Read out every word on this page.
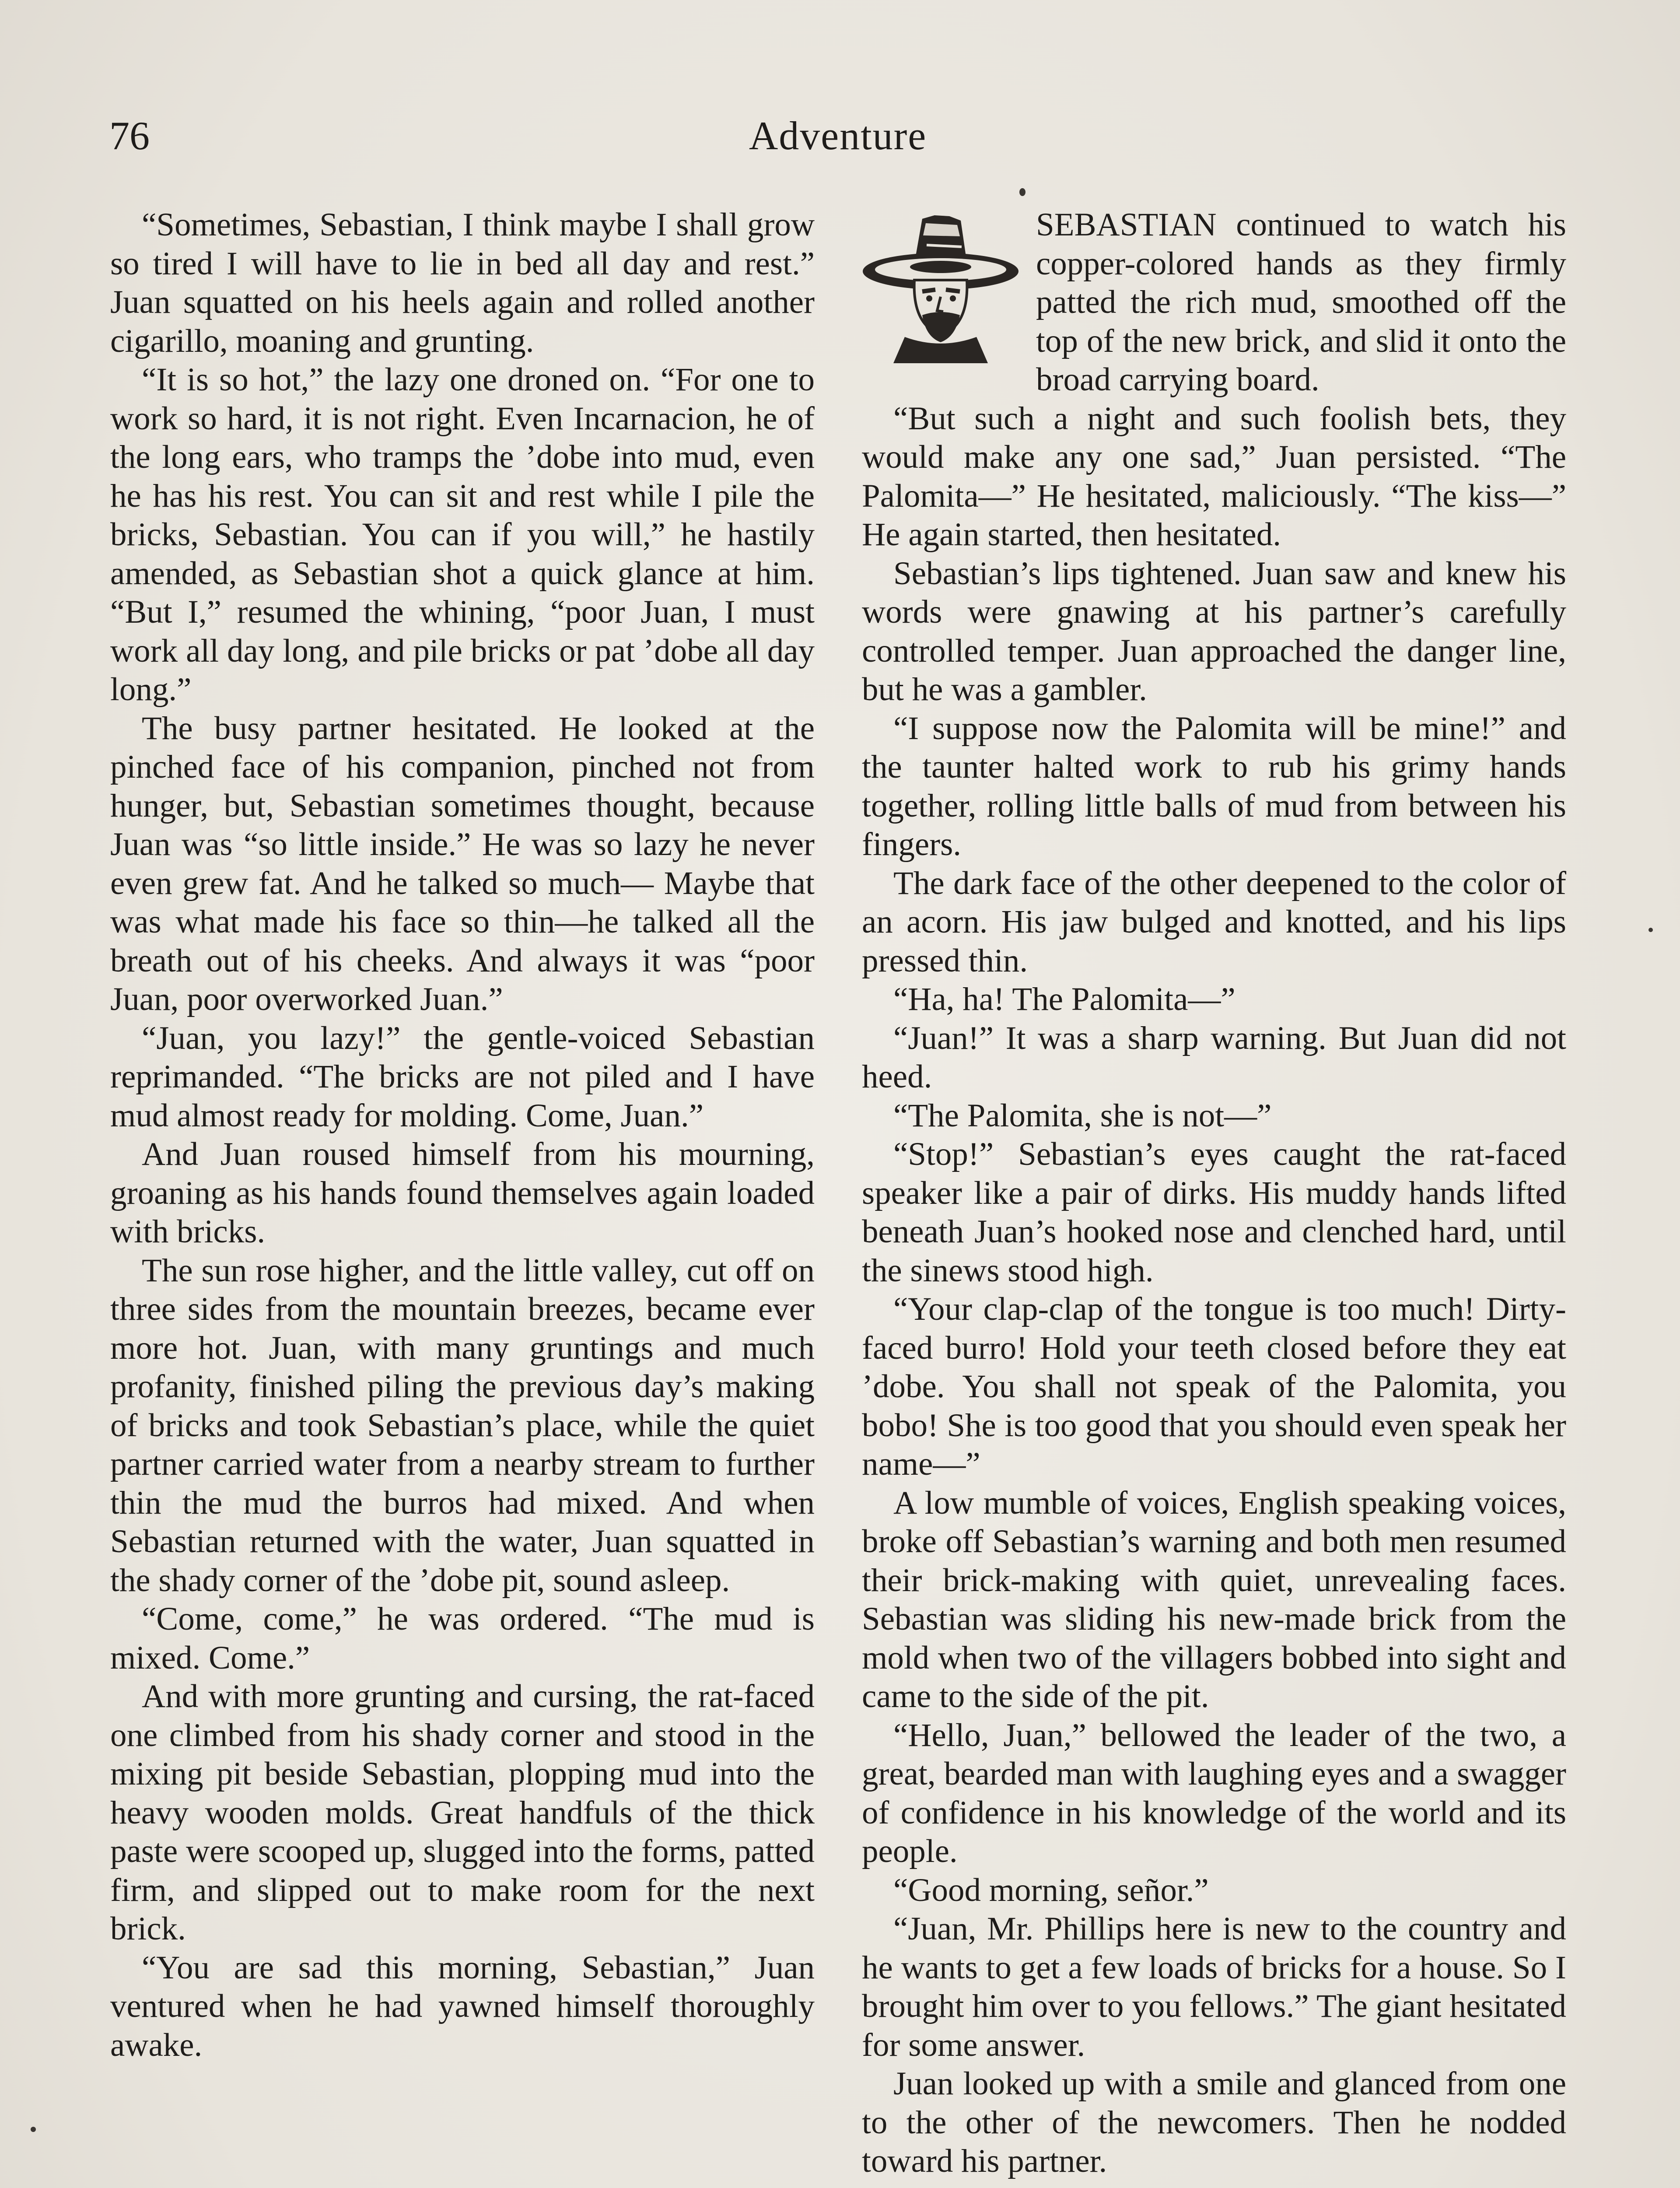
76	Adventure

“Sometimes, Sebastian, I think maybe I shall grow so tired I will have to lie in bed all day and rest.” Juan squatted on his heels again and rolled another cigarillo, moaning and grunting.

“It is so hot,” the lazy one droned on. “For one to work so hard, it is not right. Even Incarnacion, he of the long ears, who tramps the ’dobe into mud, even he has his rest. You can sit and rest while I pile the bricks, Sebastian. You can if you will,” he hastily amended, as Sebastian shot a quick glance at him. “But I,” resumed the whining, “poor Juan, I must work all day long, and pile bricks or pat ’dobe all day long.”

The busy partner hesitated. He looked at the pinched face of his companion, pinched not from hunger, but, Sebastian sometimes thought, because Juan was “so little inside.” He was so lazy he never even grew fat. And he talked so much— Maybe that was what made his face so thin—he talked all the breath out of his cheeks. And always it was “poor Juan, poor overworked Juan.”

“Juan, you lazy!” the gentle-voiced Sebastian reprimanded. “The bricks are not piled and I have mud almost ready for molding. Come, Juan.”

And Juan roused himself from his mourning, groaning as his hands found themselves again loaded with bricks.

The sun rose higher, and the little valley, cut off on three sides from the mountain breezes, became ever more hot. Juan, with many gruntings and much profanity, finished piling the previous day’s making of bricks and took Sebastian’s place, while the quiet partner carried water from a nearby stream to further thin the mud the burros had mixed. And when Sebastian returned with the water, Juan squatted in the shady corner of the ’dobe pit, sound asleep.

“Come, come,” he was ordered. “The mud is mixed. Come.”

And with more grunting and cursing, the rat-faced one climbed from his shady corner and stood in the mixing pit beside Sebastian, plopping mud into the heavy wooden molds. Great handfuls of the thick paste were scooped up, slugged into the forms, patted firm, and slipped out to make room for the next brick.

“You are sad this morning, Sebastian,” Juan ventured when he had yawned himself thoroughly awake.

SEBASTIAN continued to watch his copper-colored hands as they firmly patted the rich mud, smoothed off the top of the new brick, and slid it onto the broad carrying board.

“But such a night and such foolish bets, they would make any one sad,” Juan persisted. “The Palomita—” He hesitated, maliciously. “The kiss—” He again started, then hesitated.

Sebastian’s lips tightened. Juan saw and knew his words were gnawing at his partner’s carefully controlled temper. Juan approached the danger line, but he was a gambler.

“I suppose now the Palomita will be mine!” and the taunter halted work to rub his grimy hands together, rolling little balls of mud from between his fingers.

The dark face of the other deepened to the color of an acorn. His jaw bulged and knotted, and his lips pressed thin.

“Ha, ha! The Palomita—”

“Juan!” It was a sharp warning. But Juan did not heed.

“The Palomita, she is not—”

“Stop!” Sebastian’s eyes caught the rat-faced speaker like a pair of dirks. His muddy hands lifted beneath Juan’s hooked nose and clenched hard, until the sinews stood high.

“Your clap-clap of the tongue is too much! Dirty-faced burro! Hold your teeth closed before they eat ’dobe. You shall not speak of the Palomita, you bobo! She is too good that you should even speak her name—”

A low mumble of voices, English speaking voices, broke off Sebastian’s warning and both men resumed their brick-making with quiet, unrevealing faces. Sebastian was sliding his new-made brick from the mold when two of the villagers bobbed into sight and came to the side of the pit.

“Hello, Juan,” bellowed the leader of the two, a great, bearded man with laughing eyes and a swagger of confidence in his knowledge of the world and its people.

“Good morning, señor.”

“Juan, Mr. Phillips here is new to the country and he wants to get a few loads of bricks for a house. So I brought him over to you fellows.” The giant hesitated for some answer.

Juan looked up with a smile and glanced from one to the other of the newcomers. Then he nodded toward his partner.
